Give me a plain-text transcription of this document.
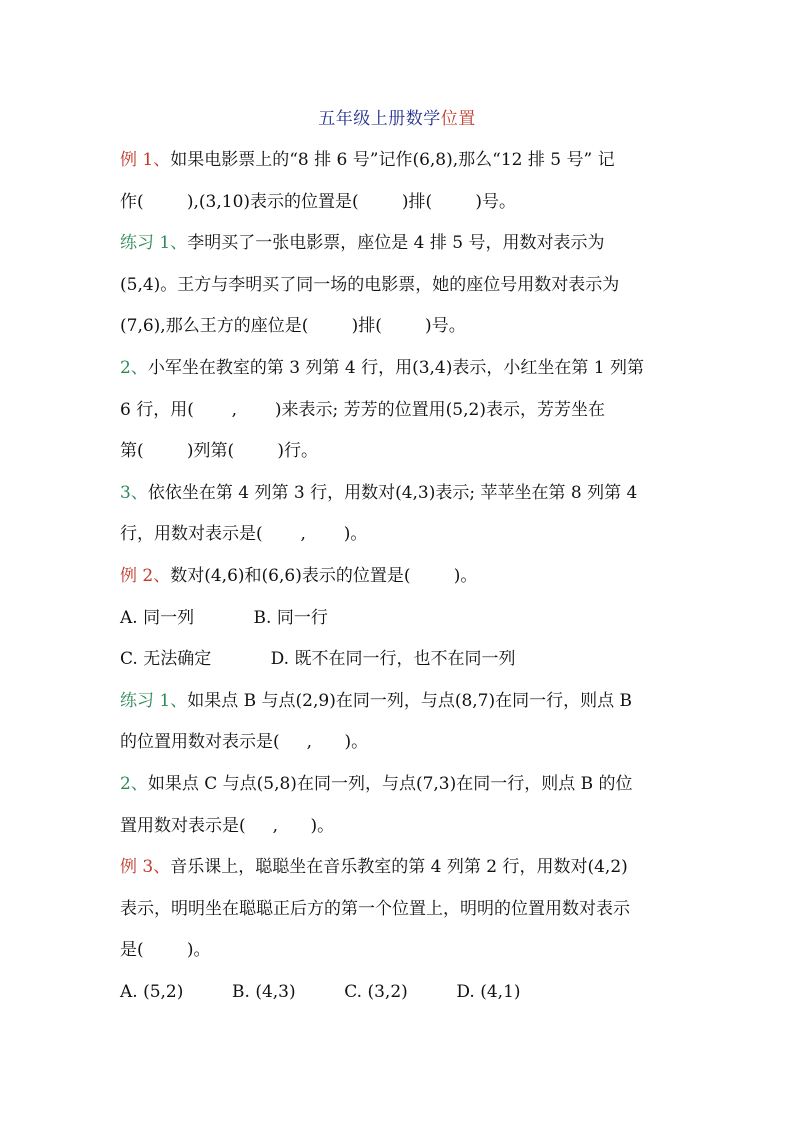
五年级上册数学位置
例 1、如果电影票上的“8 排 6 号”记作(6,8),那么“12 排 5 号” 记
作(        ),(3,10)表示的位置是(        )排(        )号。
练习 1、李明买了一张电影票，座位是 4 排 5 号，用数对表示为
(5,4)。王方与李明买了同一场的电影票，她的座位号用数对表示为
(7,6),那么王方的座位是(        )排(        )号。
2、小军坐在教室的第 3 列第 4 行，用(3,4)表示，小红坐在第 1 列第
6 行，用(       ,       )来表示; 芳芳的位置用(5,2)表示，芳芳坐在
第(        )列第(        )行。
3、依依坐在第 4 列第 3 行，用数对(4,3)表示; 苹苹坐在第 8 列第 4
行，用数对表示是(       ,       )。
例 2、数对(4,6)和(6,6)表示的位置是(        )。
A. 同一列           B. 同一行
C. 无法确定           D. 既不在同一行，也不在同一列
练习 1、如果点 B 与点(2,9)在同一列，与点(8,7)在同一行，则点 B
的位置用数对表示是(     ,      )。
2、如果点 C 与点(5,8)在同一列，与点(7,3)在同一行，则点 B 的位
置用数对表示是(     ,      )。
例 3、音乐课上，聪聪坐在音乐教室的第 4 列第 2 行，用数对(4,2)
表示，明明坐在聪聪正后方的第一个位置上，明明的位置用数对表示
是(        )。
A. (5,2)         B. (4,3)         C. (3,2)         D. (4,1)
